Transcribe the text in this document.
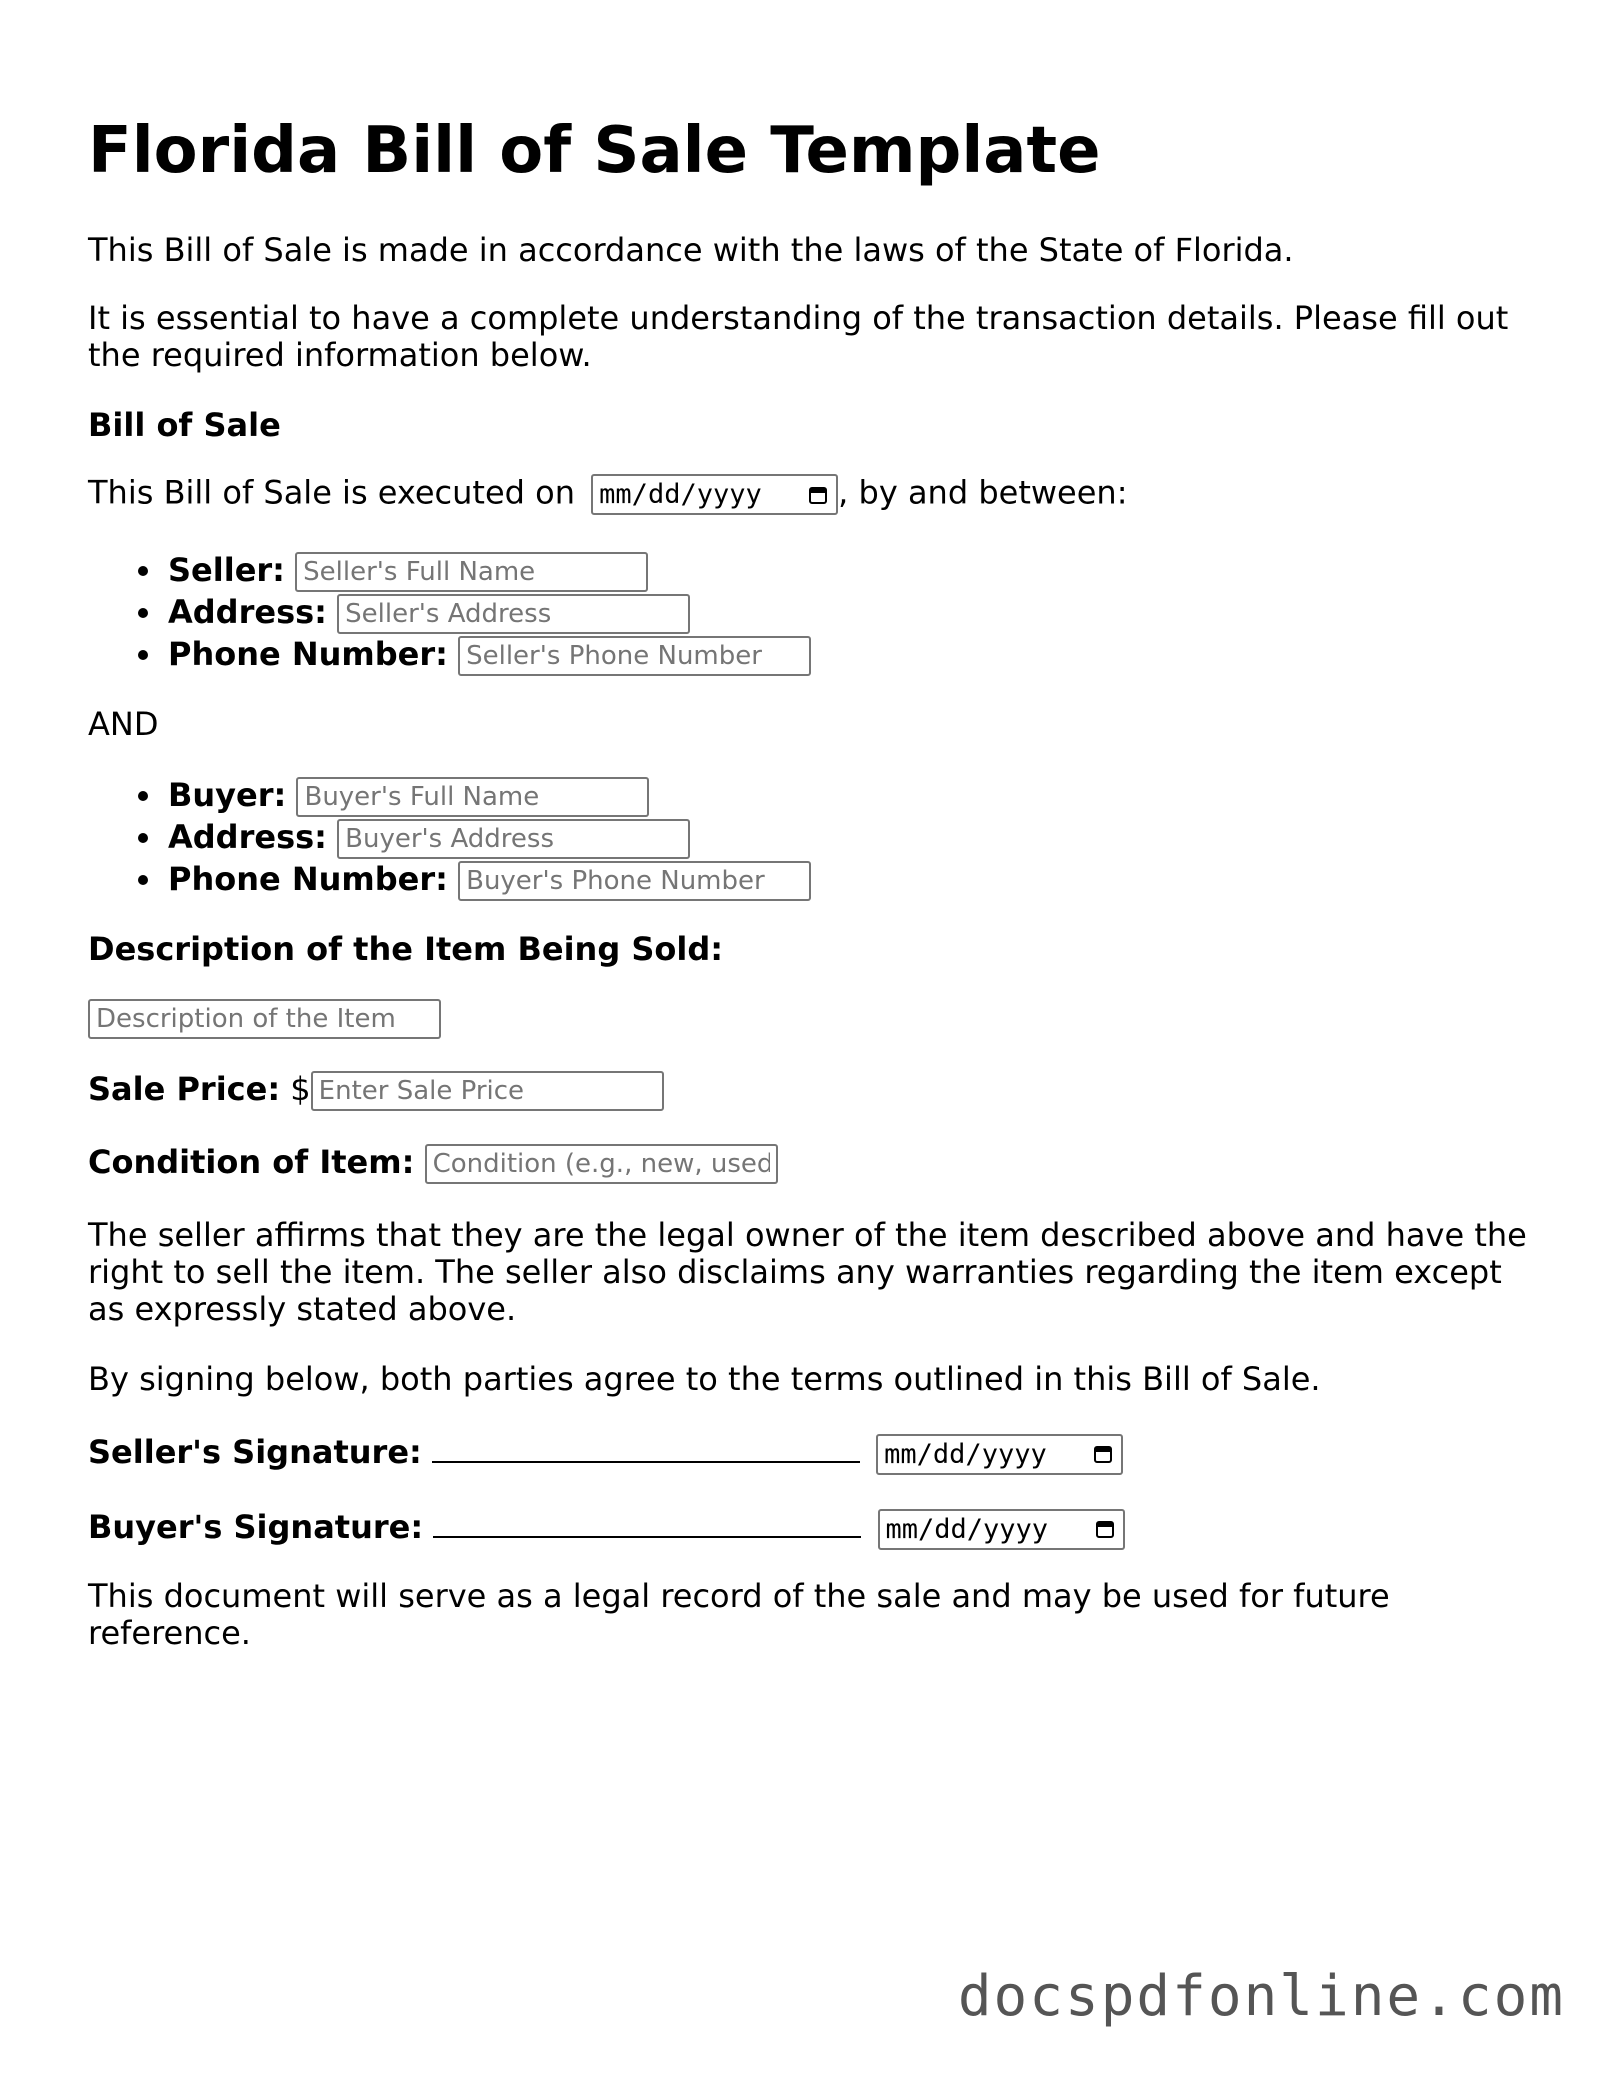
Florida Bill of Sale Template

This Bill of Sale is made in accordance with the laws of the State of Florida.

It is essential to have a complete understanding of the transaction details. Please fill out the required information below.

Bill of Sale

This Bill of Sale is executed on mm/dd/yyyy , by and between:
Seller: Seller's Full Name
Address: Seller's Address
Phone Number: Seller's Phone Number

AND

Buyer: Buyer's Full Name
Address: Buyer's Address
Phone Number: Buyer's Phone Number

Description of the Item Being Sold:

Description of the Item
Sale Price: $Enter Sale Price
Condition of Item: Condition (e.g., new, used)

The seller affirms that they are the legal owner of the item described above and have the right to sell the item. The seller also disclaims any warranties regarding the item except as expressly stated above.

By signing below, both parties agree to the terms outlined in this Bill of Sale.

Seller's Signature:	mm/dd/yyyy
Buyer's Signature:	mm/dd/yyyy

This document will serve as a legal record of the sale and may be used for future reference.

docspdfonline.com
